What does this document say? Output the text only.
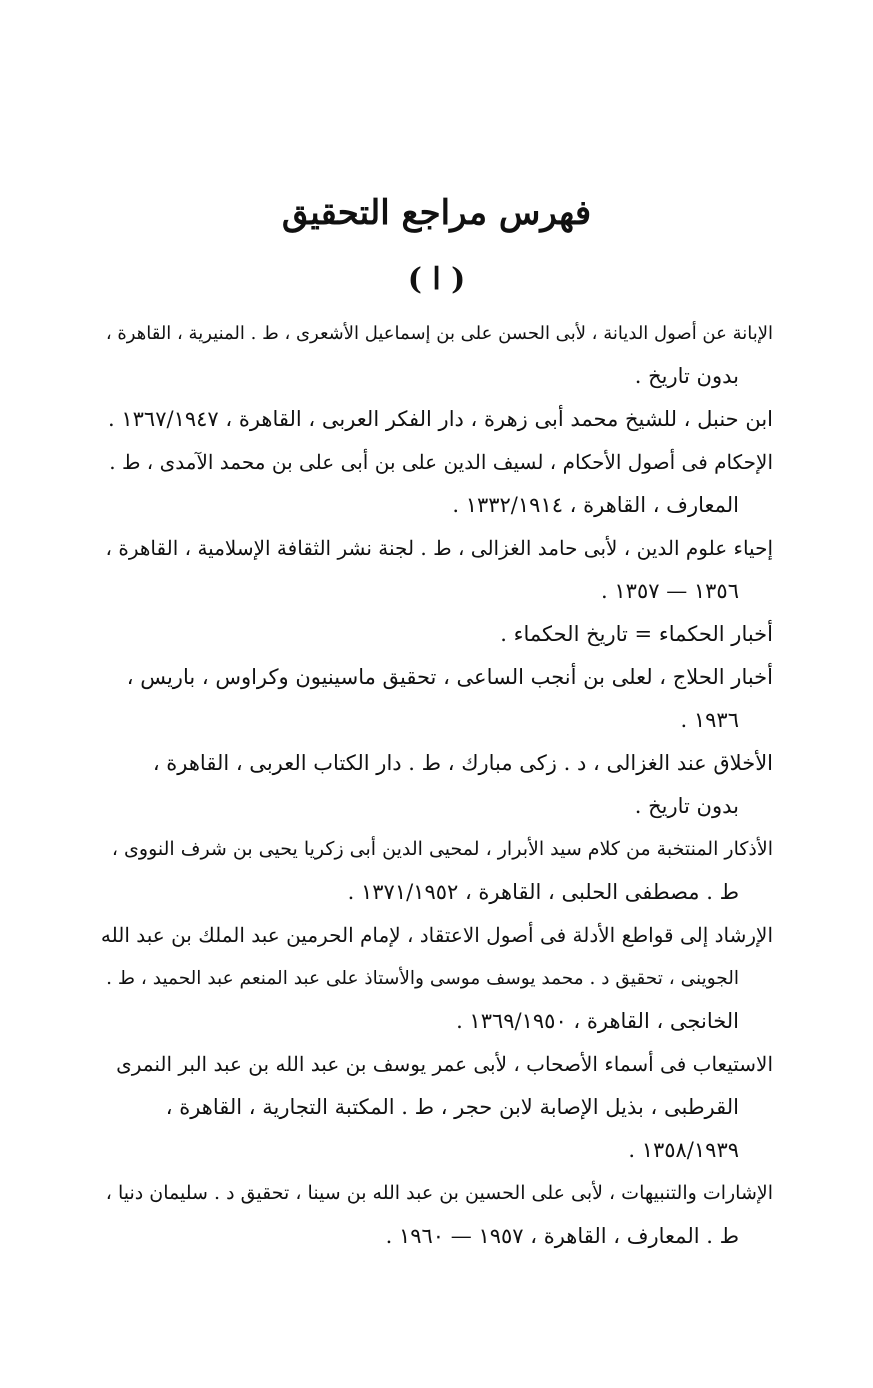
فهرس مراجع التحقيق
( ا )
الإبانة عن أصول الديانة ، لأبى الحسن على بن إسماعيل الأشعرى ، ط . المنيرية ، القاهرة ،
بدون تاريخ .
ابن حنبل ، للشيخ محمد أبى زهرة ، دار الفكر العربى ، القاهرة ، ١٣٦٧/١٩٤٧ .
الإحكام فى أصول الأحكام ، لسيف الدين على بن أبى على بن محمد الآمدى ، ط .
المعارف ، القاهرة ، ١٣٣٢/١٩١٤ .
إحياء علوم الدين ، لأبى حامد الغزالى ، ط . لجنة نشر الثقافة الإسلامية ، القاهرة ،
١٣٥٦ — ١٣٥٧ .
أخبار الحكماء = تاريخ الحكماء .
أخبار الحلاج ، لعلى بن أنجب الساعى ، تحقيق ماسينيون وكراوس ، باريس ،
١٩٣٦ .
الأخلاق عند الغزالى ، د . زكى مبارك ، ط . دار الكتاب العربى ، القاهرة ،
بدون تاريخ .
الأذكار المنتخبة من كلام سيد الأبرار ، لمحيى الدين أبى زكريا يحيى بن شرف النووى ،
ط . مصطفى الحلبى ، القاهرة ، ١٣٧١/١٩٥٢ .
الإرشاد إلى قواطع الأدلة فى أصول الاعتقاد ، لإمام الحرمين عبد الملك بن عبد الله
الجوينى ، تحقيق د . محمد يوسف موسى والأستاذ على عبد المنعم عبد الحميد ، ط .
الخانجى ، القاهرة ، ١٣٦٩/١٩٥٠ .
الاستيعاب فى أسماء الأصحاب ، لأبى عمر يوسف بن عبد الله بن عبد البر النمرى
القرطبى ، بذيل الإصابة لابن حجر ، ط . المكتبة التجارية ، القاهرة ،
١٣٥٨/١٩٣٩ .
الإشارات والتنبيهات ، لأبى على الحسين بن عبد الله بن سينا ، تحقيق د . سليمان دنيا ،
ط . المعارف ، القاهرة ، ١٩٥٧ — ١٩٦٠ .
